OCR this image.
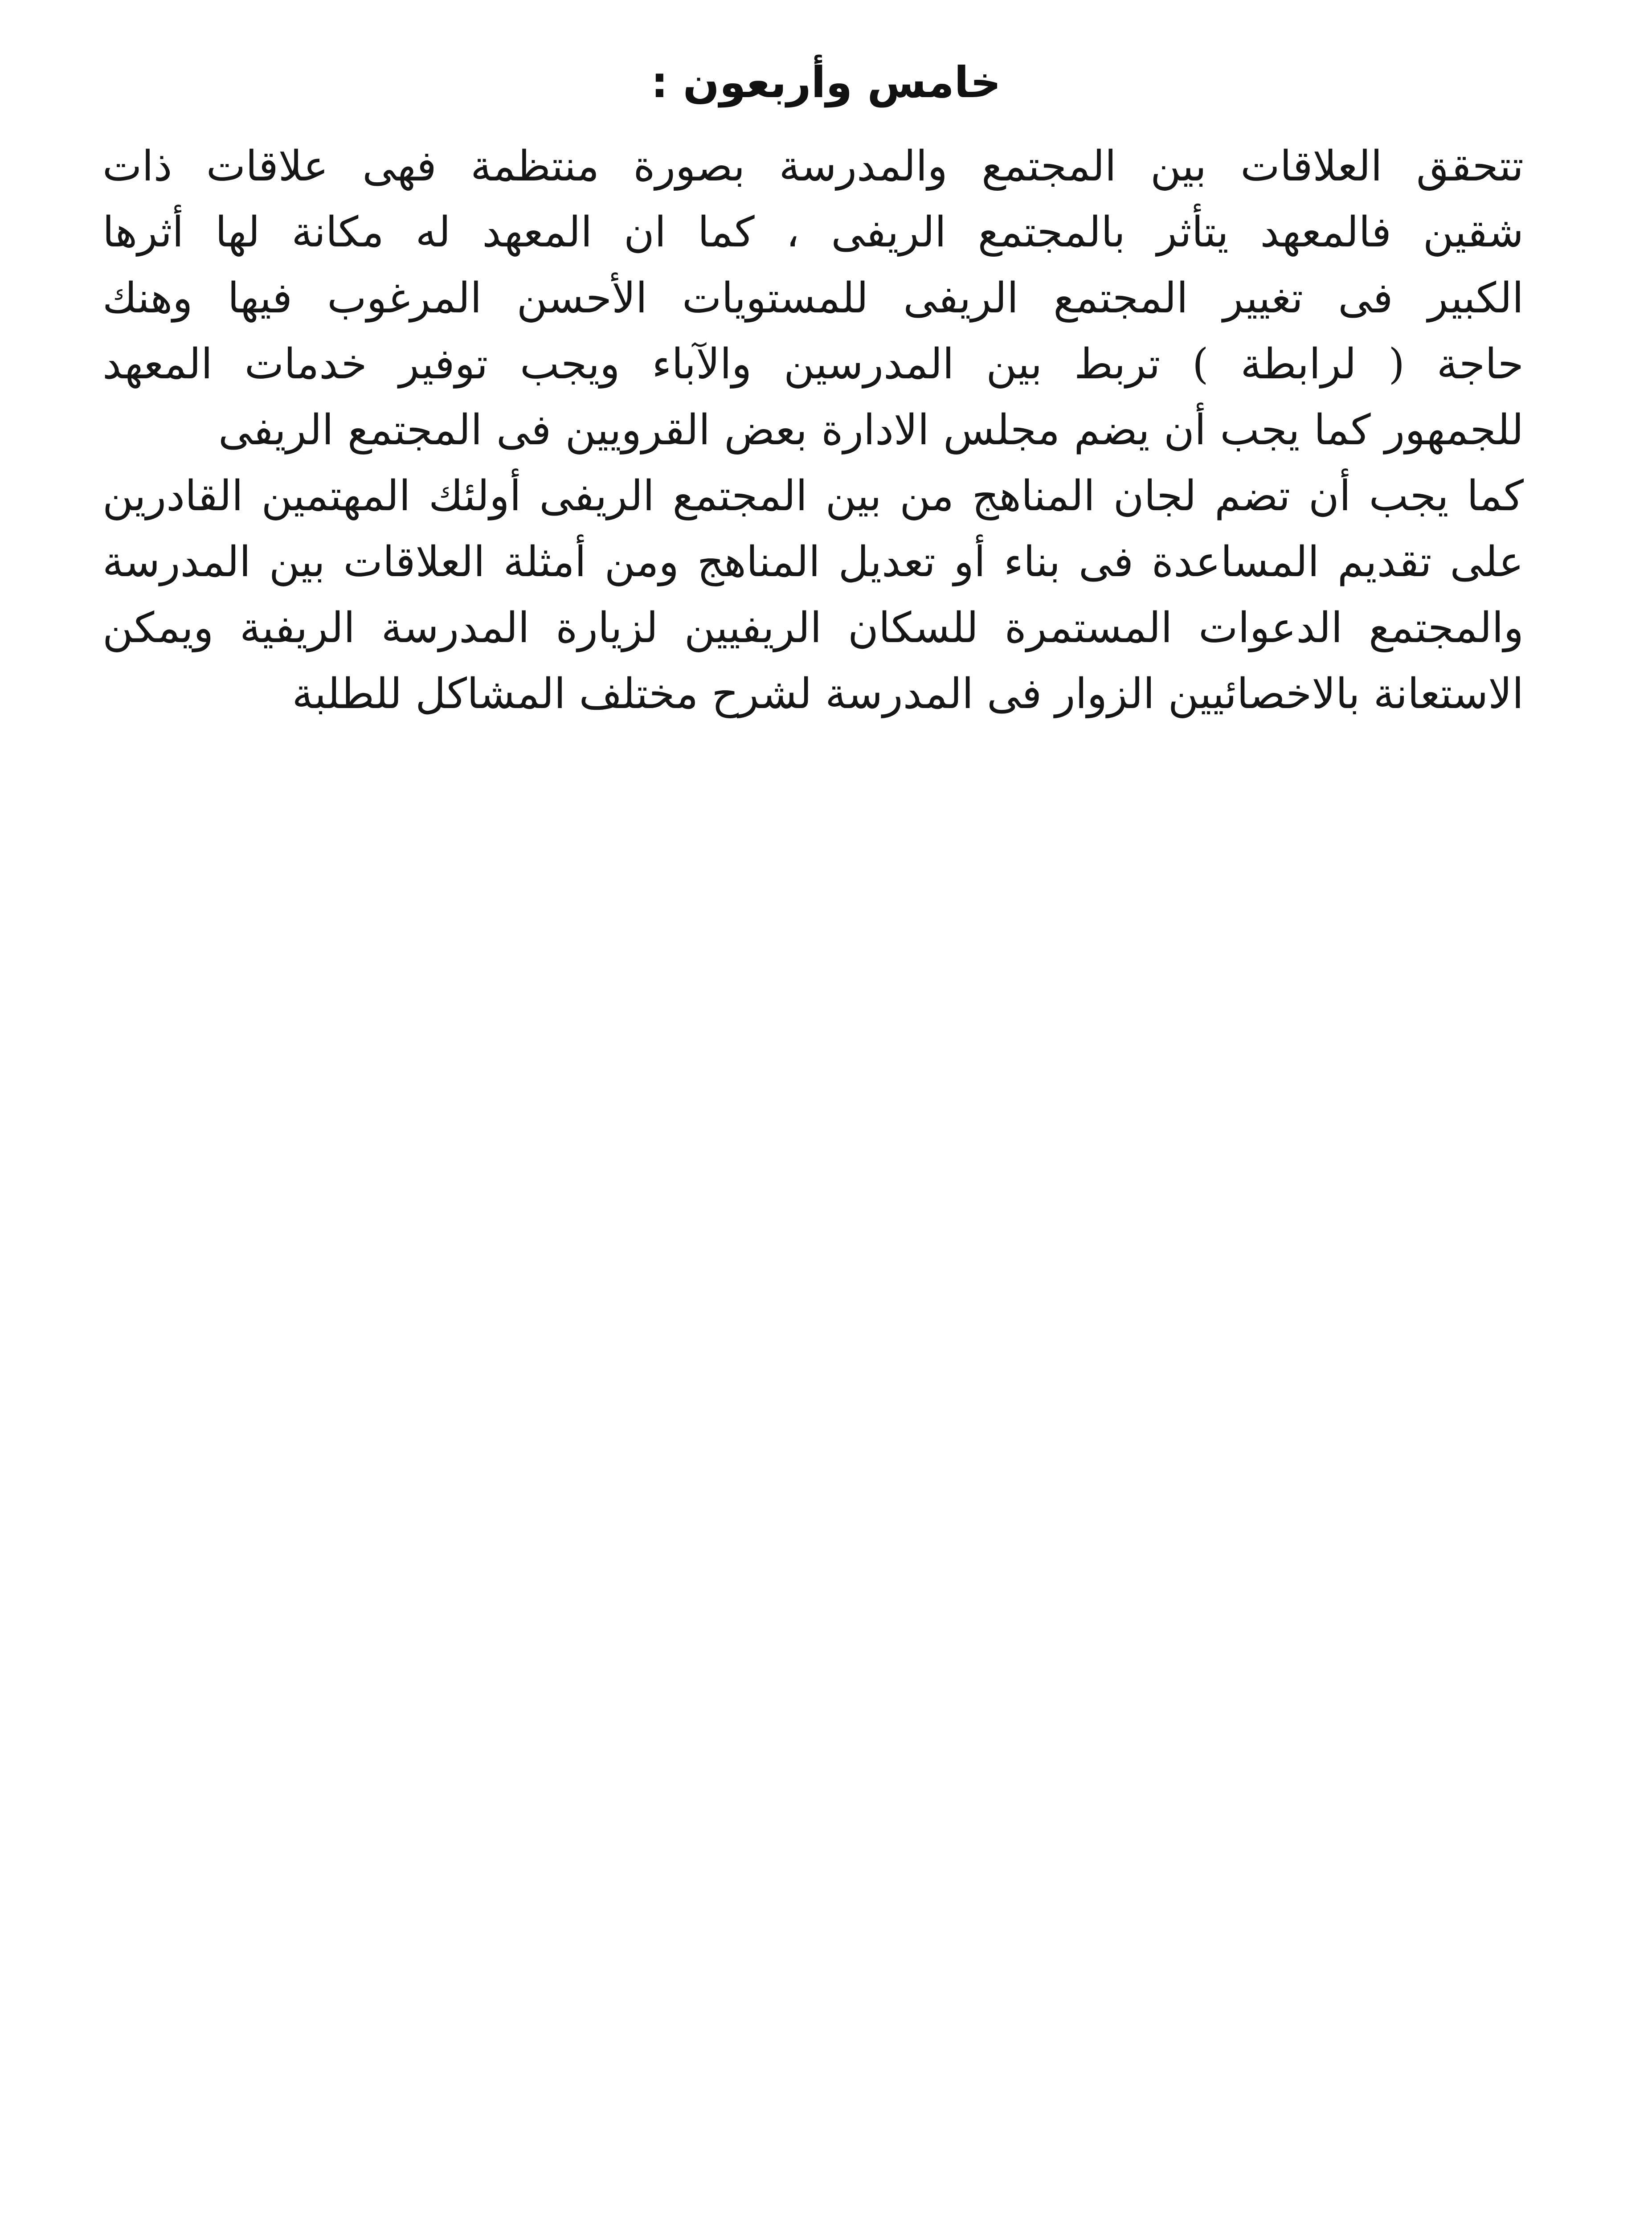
خامس وأربعون :
تتحقق العلاقات بين المجتمع والمدرسة بصورة منتظمة فهى علاقات ذات
شقين فالمعهد يتأثر بالمجتمع الريفى ، كما ان المعهد له مكانة لها أثرها
الكبير فى تغيير المجتمع الريفى للمستويات الأحسن المرغوب فيها وهنك
حاجة ( لرابطة ) تربط بين المدرسين والآباء ويجب توفير خدمات المعهد
للجمهور كما يجب أن يضم مجلس الادارة بعض القرويين فى المجتمع الريفى
كما يجب أن تضم لجان المناهج من بين المجتمع الريفى أولئك المهتمين القادرين
على تقديم المساعدة فى بناء أو تعديل المناهج ومن أمثلة العلاقات بين المدرسة
والمجتمع الدعوات المستمرة للسكان الريفيين لزيارة المدرسة الريفية ويمكن
الاستعانة بالاخصائيين الزوار فى المدرسة لشرح مختلف المشاكل للطلبة
